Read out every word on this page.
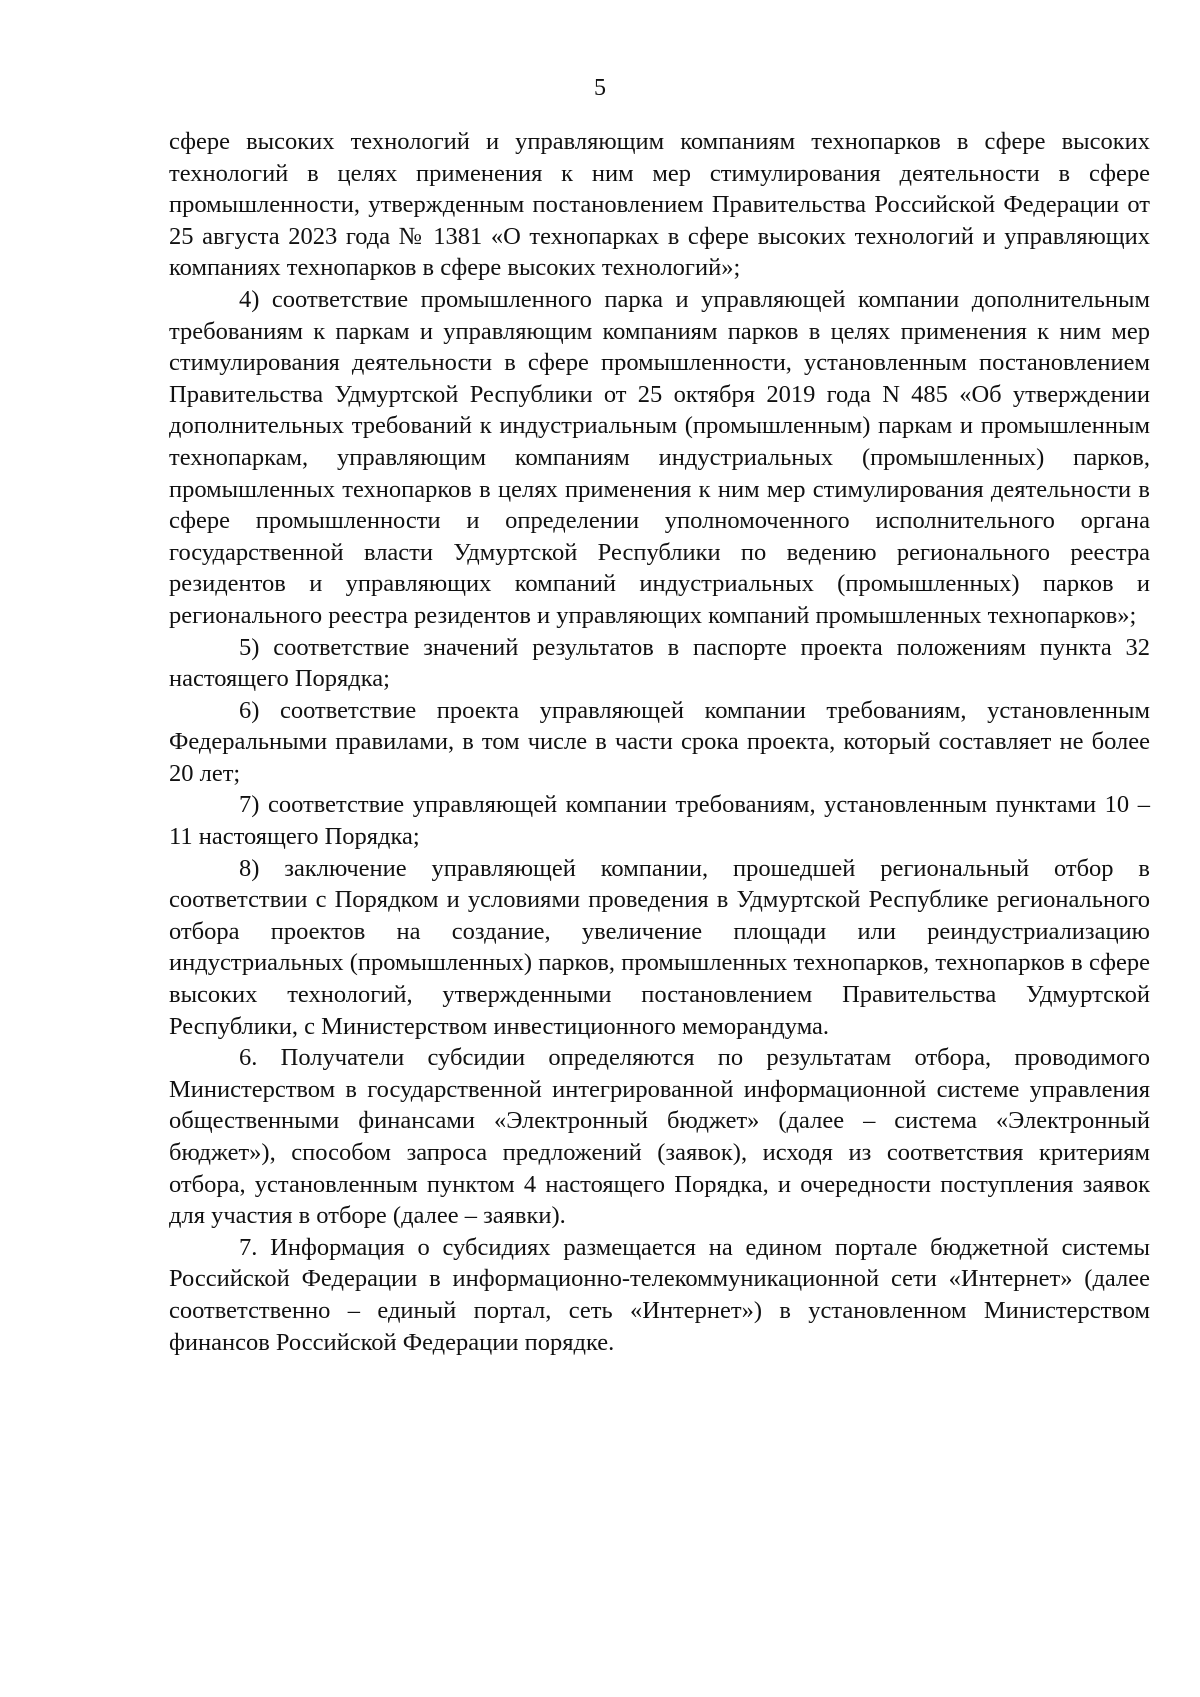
5

сфере высоких технологий и управляющим компаниям технопарков в сфере высоких технологий в целях применения к ним мер стимулирования деятельности в сфере промышленности, утвержденным постановлением Правительства Российской Федерации от 25 августа 2023 года № 1381 «О технопарках в сфере высоких технологий и управляющих компаниях технопарков в сфере высоких технологий»;

4) соответствие промышленного парка и управляющей компании дополнительным требованиям к паркам и управляющим компаниям парков в целях применения к ним мер стимулирования деятельности в сфере промышленности, установленным постановлением Правительства Удмуртской Республики от 25 октября 2019 года N 485 «Об утверждении дополнительных требований к индустриальным (промышленным) паркам и промышленным технопаркам, управляющим компаниям индустриальных (промышленных) парков, промышленных технопарков в целях применения к ним мер стимулирования деятельности в сфере промышленности и определении уполномоченного исполнительного органа государственной власти Удмуртской Республики по ведению регионального реестра резидентов и управляющих компаний индустриальных (промышленных) парков и регионального реестра резидентов и управляющих компаний промышленных технопарков»;

5) соответствие значений результатов в паспорте проекта положениям пункта 32 настоящего Порядка;

6) соответствие проекта управляющей компании требованиям, установленным Федеральными правилами, в том числе в части срока проекта, который составляет не более 20 лет;

7) соответствие управляющей компании требованиям, установленным пунктами 10 – 11 настоящего Порядка;

8) заключение управляющей компании, прошедшей региональный отбор в соответствии с Порядком и условиями проведения в Удмуртской Республике регионального отбора проектов на создание, увеличение площади или реиндустриализацию индустриальных (промышленных) парков, промышленных технопарков, технопарков в сфере высоких технологий, утвержденными постановлением Правительства Удмуртской Республики, с Министерством инвестиционного меморандума.

6. Получатели субсидии определяются по результатам отбора, проводимого Министерством в государственной интегрированной информационной системе управления общественными финансами «Электронный бюджет» (далее – система «Электронный бюджет»), способом запроса предложений (заявок), исходя из соответствия критериям отбора, установленным пунктом 4 настоящего Порядка, и очередности поступления заявок для участия в отборе (далее – заявки).

7. Информация о субсидиях размещается на едином портале бюджетной системы Российской Федерации в информационно-телекоммуникационной сети «Интернет» (далее соответственно – единый портал, сеть «Интернет») в установленном Министерством финансов Российской Федерации порядке.
